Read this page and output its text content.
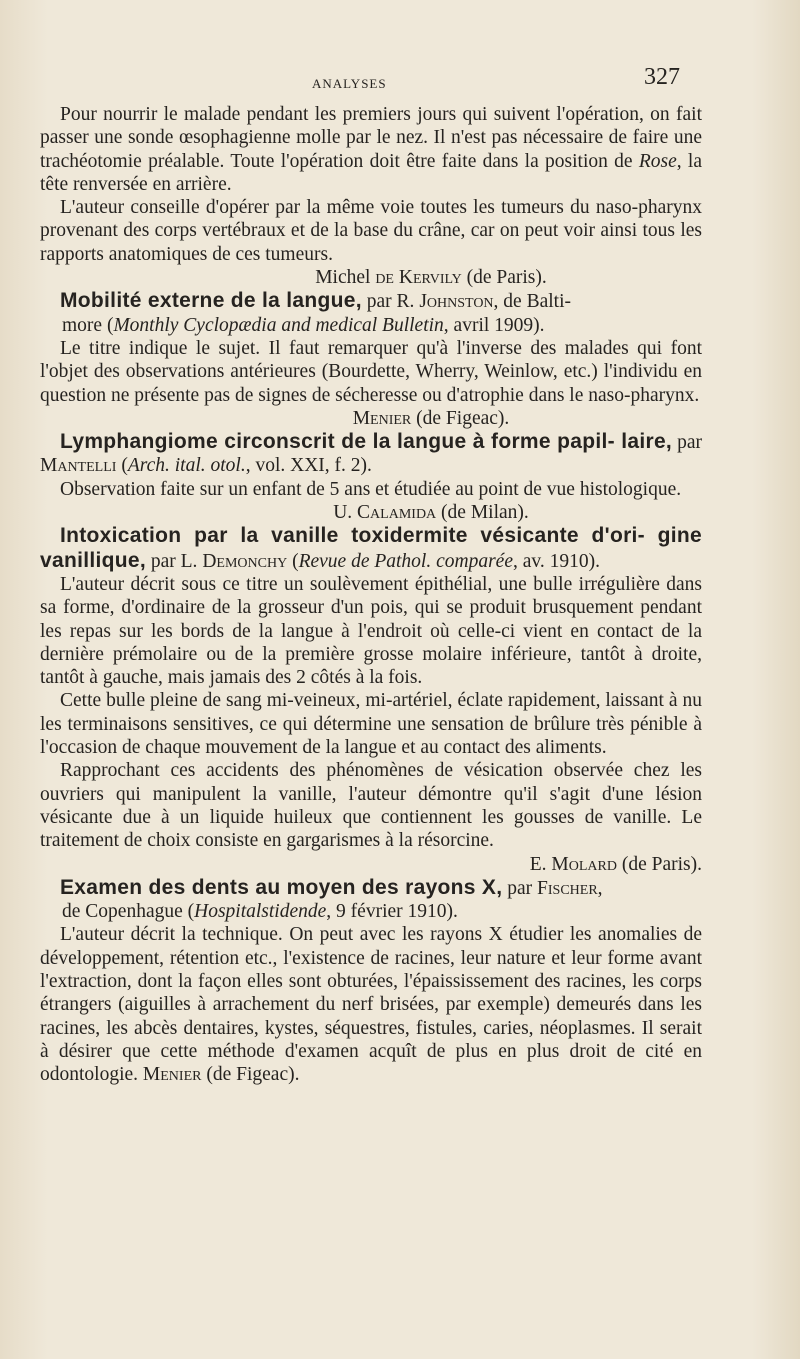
ANALYSES	327

Pour nourrir le malade pendant les premiers jours qui suivent l'opération, on fait passer une sonde œsophagienne molle par le nez. Il n'est pas nécessaire de faire une trachéotomie préalable. Toute l'opération doit être faite dans la position de Rose, la tête renversée en arrière.

L'auteur conseille d'opérer par la même voie toutes les tumeurs du naso-pharynx provenant des corps vertébraux et de la base du crâne, car on peut voir ainsi tous les rapports anatomiques de ces tumeurs.

Michel de Kervily (de Paris).

Mobilité externe de la langue, par R. Johnston, de Balti-
more (Monthly Cyclopædia and medical Bulletin, avril 1909).

Le titre indique le sujet. Il faut remarquer qu'à l'inverse des malades qui font l'objet des observations antérieures (Bourdette, Wherry, Weinlow, etc.) l'individu en question ne présente pas de signes de sécheresse ou d'atrophie dans le naso-pharynx.

Menier (de Figeac).

Lymphangiome circonscrit de la langue à forme papil- laire, par Mantelli (Arch. ital. otol., vol. XXI, f. 2).

Observation faite sur un enfant de 5 ans et étudiée au point de vue histologique.

U. Calamida (de Milan).

Intoxication par la vanille toxidermite vésicante d'ori- gine vanillique, par L. Demonchy (Revue de Pathol. comparée, av. 1910).

L'auteur décrit sous ce titre un soulèvement épithélial, une bulle irrégulière dans sa forme, d'ordinaire de la grosseur d'un pois, qui se produit brusquement pendant les repas sur les bords de la langue à l'endroit où celle-ci vient en contact de la dernière prémolaire ou de la première grosse molaire inférieure, tantôt à droite, tantôt à gauche, mais jamais des 2 côtés à la fois.

Cette bulle pleine de sang mi-veineux, mi-artériel, éclate rapidement, laissant à nu les terminaisons sensitives, ce qui détermine une sensation de brûlure très pénible à l'occasion de chaque mouvement de la langue et au contact des aliments.

Rapprochant ces accidents des phénomènes de vésication observée chez les ouvriers qui manipulent la vanille, l'auteur démontre qu'il s'agit d'une lésion vésicante due à un liquide huileux que contiennent les gousses de vanille. Le traitement de choix consiste en gargarismes à la résorcine.

E. Molard (de Paris).

Examen des dents au moyen des rayons X, par Fischer,
de Copenhague (Hospitalstidende, 9 février 1910).

L'auteur décrit la technique. On peut avec les rayons X étudier les anomalies de développement, rétention etc., l'existence de racines, leur nature et leur forme avant l'extraction, dont la façon elles sont obturées, l'épaississement des racines, les corps étrangers (aiguilles à arrachement du nerf brisées, par exemple) demeurés dans les racines, les abcès dentaires, kystes, séquestres, fistules, caries, néoplasmes. Il serait à désirer que cette méthode d'examen acquît de plus en plus droit de cité en odontologie. Menier (de Figeac).
